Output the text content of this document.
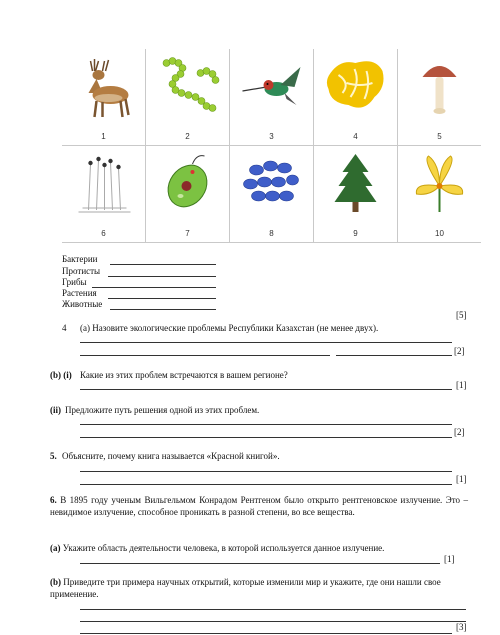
1	2	3	4	5

6	7	8	9	10
Бактерии
Протисты
Грибы
Растения
Животные
[5]
4 (a) Назовите экологические проблемы Республики Казахстан (не менее двух).
[2]
(b) (i) Какие из этих проблем встречаются в вашем регионе?
[1]
(ii) Предложите путь решения одной из этих проблем.
[2]
5. Объясните, почему книга называется «Красной книгой».
[1]
6. В 1895 году ученым Вильгельмом Конрадом Рентгеном было открыто рентгеновское излучение. Это – невидимое излучение, способное проникать в разной степени, во все вещества.
(a) Укажите область деятельности человека, в которой используется данное излучение.
[1]
(b) Приведите три примера научных открытий, которые изменили мир и укажите, где они нашли свое применение.
[3]
